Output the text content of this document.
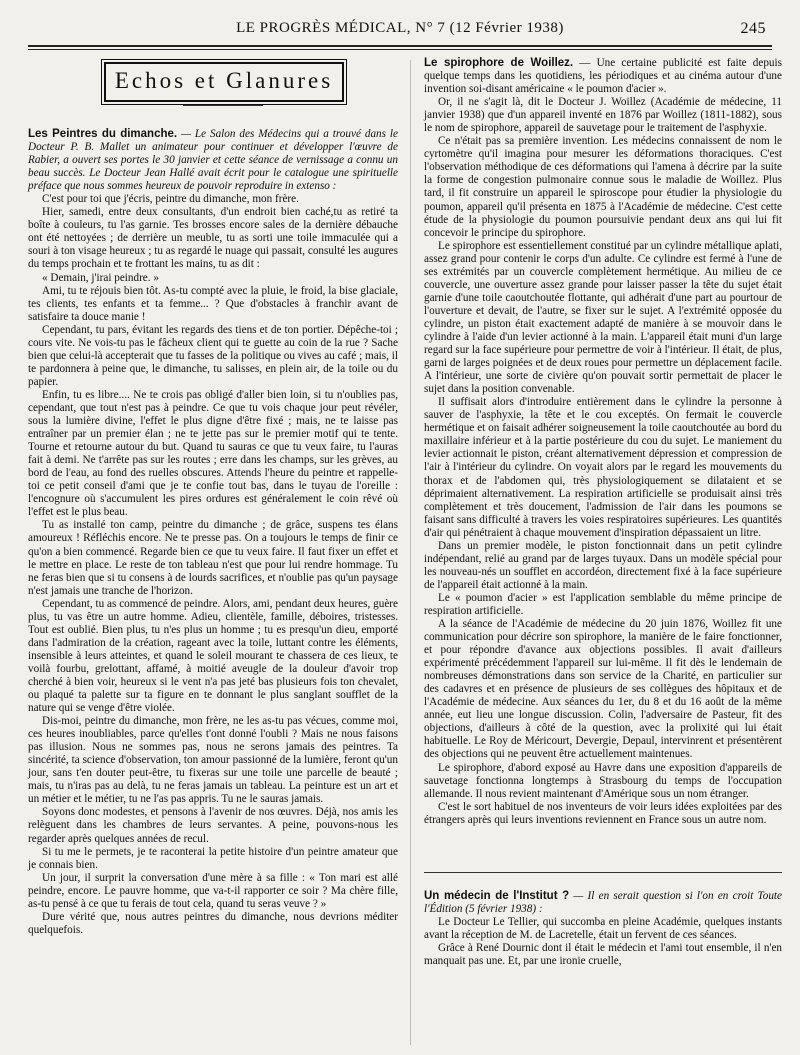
LE PROGRÈS MÉDICAL, N° 7 (12 Février 1938)	245
Echos et Glanures

Les Peintres du dimanche. — Le Salon des Médecins qui a trouvé dans le Docteur P. B. Mallet un animateur pour continuer et développer l'œuvre de Rabier, a ouvert ses portes le 30 janvier et cette séance de vernissage a connu un beau succès. Le Docteur Jean Hallé avait écrit pour le catalogue une spirituelle préface que nous sommes heureux de pouvoir reproduire in extenso :

C'est pour toi que j'écris, peintre du dimanche, mon frère.

Hier, samedi, entre deux consultants, d'un endroit bien caché,tu as retiré ta boîte à couleurs, tu l'as garnie. Tes brosses encore sales de la dernière débauche ont été nettoyées ; de derrière un meuble, tu as sorti une toile immaculée qui a souri à ton visage heureux ; tu as regardé le nuage qui passait, consulté les augures du temps prochain et te frottant les mains, tu as dit :

« Demain, j'irai peindre. »

Ami, tu te réjouis bien tôt. As-tu compté avec la pluie, le froid, la bise glaciale, tes clients, tes enfants et ta femme... ? Que d'obstacles à franchir avant de satisfaire ta douce manie !

Cependant, tu pars, évitant les regards des tiens et de ton portier. Dépêche-toi ; cours vite. Ne vois-tu pas le fâcheux client qui te guette au coin de la rue ? Sache bien que celui-là accepterait que tu fasses de la politique ou vives au café ; mais, il te pardonnera à peine que, le dimanche, tu salisses, en plein air, de la toile ou du papier.

Enfin, tu es libre.... Ne te crois pas obligé d'aller bien loin, si tu n'oublies pas, cependant, que tout n'est pas à peindre. Ce que tu vois chaque jour peut révéler, sous la lumière divine, l'effet le plus digne d'être fixé ; mais, ne te laisse pas entraîner par un premier élan ; ne te jette pas sur le premier motif qui te tente. Tourne et retourne autour du but. Quand tu sauras ce que tu veux faire, tu l'auras fait à demi. Ne t'arrête pas sur les routes ; erre dans les champs, sur les grèves, au bord de l'eau, au fond des ruelles obscures. Attends l'heure du peintre et rappelle-toi ce petit conseil d'ami que je te confie tout bas, dans le tuyau de l'oreille : l'encognure où s'accumulent les pires ordures est généralement le coin rêvé où l'effet est le plus beau.

Tu as installé ton camp, peintre du dimanche ; de grâce, suspens tes élans amoureux ! Réfléchis encore. Ne te presse pas. On a toujours le temps de finir ce qu'on a bien commencé. Regarde bien ce que tu veux faire. Il faut fixer un effet et le mettre en place. Le reste de ton tableau n'est que pour lui rendre hommage. Tu ne feras bien que si tu consens à de lourds sacrifices, et n'oublie pas qu'un paysage n'est jamais une tranche de l'horizon.

Cependant, tu as commencé de peindre. Alors, ami, pendant deux heures, guère plus, tu vas être un autre homme. Adieu, clientèle, famille, déboires, tristesses. Tout est oublié. Bien plus, tu n'es plus un homme ; tu es presqu'un dieu, emporté dans l'admiration de la création, rageant avec la toile, luttant contre les éléments, insensible à leurs atteintes, et quand le soleil mourant te chassera de ces lieux, te voilà fourbu, grelottant, affamé, à moitié aveugle de la douleur d'avoir trop cherché à bien voir, heureux si le vent n'a pas jeté bas plusieurs fois ton chevalet, ou plaqué ta palette sur ta figure en te donnant le plus sanglant soufflet de la nature qui se venge d'être violée.

Dis-moi, peintre du dimanche, mon frère, ne les as-tu pas vécues, comme moi, ces heures inoubliables, parce qu'elles t'ont donné l'oubli ? Mais ne nous faisons pas illusion. Nous ne sommes pas, nous ne serons jamais des peintres. Ta sincérité, ta science d'observation, ton amour passionné de la lumière, feront qu'un jour, sans t'en douter peut-être, tu fixeras sur une toile une parcelle de beauté ; mais, tu n'iras pas au delà, tu ne feras jamais un tableau. La peinture est un art et un métier et le métier, tu ne l'as pas appris. Tu ne le sauras jamais.

Soyons donc modestes, et pensons à l'avenir de nos œuvres. Déjà, nos amis les relèguent dans les chambres de leurs servantes. A peine, pouvons-nous les regarder après quelques années de recul.

Si tu me le permets, je te raconterai la petite histoire d'un peintre amateur que je connais bien.

Un jour, il surprit la conversation d'une mère à sa fille : « Ton mari est allé peindre, encore. Le pauvre homme, que va-t-il rapporter ce soir ? Ma chère fille, as-tu pensé à ce que tu ferais de tout cela, quand tu seras veuve ? »

Dure vérité que, nous autres peintres du dimanche, nous devrions méditer quelquefois.

Le spirophore de Woillez. — Une certaine publicité est faite depuis quelque temps dans les quotidiens, les périodiques et au cinéma autour d'une invention soi-disant américaine « le poumon d'acier ».

Or, il ne s'agit là, dit le Docteur J. Woillez (Académie de médecine, 11 janvier 1938) que d'un appareil inventé en 1876 par Woillez (1811-1882), sous le nom de spirophore, appareil de sauvetage pour le traitement de l'asphyxie.

Ce n'était pas sa première invention. Les médecins connaissent de nom le cyrtomètre qu'il imagina pour mesurer les déformations thoraciques. C'est l'observation méthodique de ces déformations qui l'amena à décrire par la suite la forme de congestion pulmonaire connue sous le maladie de Woillez. Plus tard, il fit construire un appareil le spiroscope pour étudier la physiologie du poumon, appareil qu'il présenta en 1875 à l'Académie de médecine. C'est cette étude de la physiologie du poumon poursuivie pendant deux ans qui lui fit concevoir le principe du spirophore.

Le spirophore est essentiellement constitué par un cylindre métallique aplati, assez grand pour contenir le corps d'un adulte. Ce cylindre est fermé à l'une de ses extrémités par un couvercle complètement hermétique. Au milieu de ce couvercle, une ouverture assez grande pour laisser passer la tête du sujet était garnie d'une toile caoutchoutée flottante, qui adhérait d'une part au pourtour de l'ouverture et devait, de l'autre, se fixer sur le sujet. A l'extrémité opposée du cylindre, un piston était exactement adapté de manière à se mouvoir dans le cylindre à l'aide d'un levier actionné à la main. L'appareil était muni d'un large regard sur la face supérieure pour permettre de voir à l'intérieur. Il était, de plus, garni de larges poignées et de deux roues pour permettre un déplacement facile. A l'intérieur, une sorte de civière qu'on pouvait sortir permettait de placer le sujet dans la position convenable.

Il suffisait alors d'introduire entièrement dans le cylindre la personne à sauver de l'asphyxie, la tête et le cou exceptés. On fermait le couvercle hermétique et on faisait adhérer soigneusement la toile caoutchoutée au bord du maxillaire inférieur et à la partie postérieure du cou du sujet. Le maniement du levier actionnait le piston, créant alternativement dépression et compression de l'air à l'intérieur du cylindre. On voyait alors par le regard les mouvements du thorax et de l'abdomen qui, très physiologiquement se dilataient et se déprimaient alternativement. La respiration artificielle se produisait ainsi très complètement et très doucement, l'admission de l'air dans les poumons se faisant sans difficulté à travers les voies respiratoires supérieures. Les quantités d'air qui pénétraient à chaque mouvement d'inspiration dépassaient un litre.

Dans un premier modèle, le piston fonctionnait dans un petit cylindre indépendant, relié au grand par de larges tuyaux. Dans un modèle spécial pour les nouveau-nés un soufflet en accordéon, directement fixé à la face supérieure de l'appareil était actionné à la main.

Le « poumon d'acier » est l'application semblable du même principe de respiration artificielle.

A la séance de l'Académie de médecine du 20 juin 1876, Woillez fit une communication pour décrire son spirophore, la manière de le faire fonctionner, et pour répondre d'avance aux objections possibles. Il avait d'ailleurs expérimenté précédemment l'appareil sur lui-même. Il fit dès le lendemain de nombreuses démonstrations dans son service de la Charité, en particulier sur des cadavres et en présence de plusieurs de ses collègues des hôpitaux et de l'Académie de médecine. Aux séances du 1er, du 8 et du 16 août de la même année, eut lieu une longue discussion. Colin, l'adversaire de Pasteur, fit des objections, d'ailleurs à côté de la question, avec la prolixité qui lui était habituelle. Le Roy de Méricourt, Devergie, Depaul, intervinrent et présentèrent des objections qui ne peuvent être actuellement maintenues.

Le spirophore, d'abord exposé au Havre dans une exposition d'appareils de sauvetage fonctionna longtemps à Strasbourg du temps de l'occupation allemande. Il nous revient maintenant d'Amérique sous un nom étranger.

C'est le sort habituel de nos inventeurs de voir leurs idées exploitées par des étrangers après qui leurs inventions reviennent en France sous un autre nom.

Un médecin de l'Institut ? — Il en serait question si l'on en croit Toute l'Édition (5 février 1938) :

Le Docteur Le Tellier, qui succomba en pleine Académie, quelques instants avant la réception de M. de Lacretelle, était un fervent de ces séances.

Grâce à René Dournic dont il était le médecin et l'ami tout ensemble, il n'en manquait pas une. Et, par une ironie cruelle,
